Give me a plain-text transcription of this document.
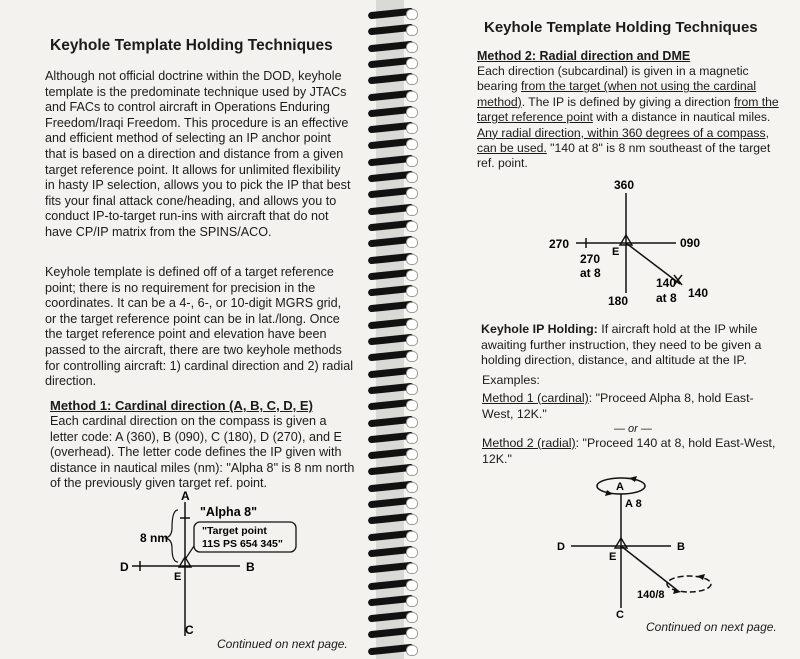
Keyhole Template Holding Techniques
Although not official doctrine within the DOD, keyhole template is the predominate technique used by JTACs and FACs to control aircraft in Operations Enduring Freedom/Iraqi Freedom. This procedure is an effective and efficient method of selecting an IP anchor point that is based on a direction and distance from a given target reference point. It allows for unlimited flexibility in hasty IP selection, allows you to pick the IP that best fits your final attack cone/heading, and allows you to conduct IP-to-target run-ins with aircraft that do not have CP/IP matrix from the SPINS/ACO.
Keyhole template is defined off of a target reference point; there is no requirement for precision in the coordinates. It can be a 4-, 6-, or 10-digit MGRS grid, or the target reference point can be in lat./long. Once the target reference point and elevation have been passed to the aircraft, there are two keyhole methods for controlling aircraft: 1) cardinal direction and 2) radial direction.
Method 1: Cardinal direction (A, B, C, D, E)
Each cardinal direction on the compass is given a letter code: A (360), B (090), C (180), D (270), and E (overhead). The letter code defines the IP given with distance in nautical miles (nm): "Alpha 8" is 8 nm north of the previously given target ref. point.
A
B
C
D
E
"Alpha 8"
8 nm	"Target point
11S PS 654 345"
Continued on next page.
Keyhole Template Holding Techniques
Method 2: Radial direction and DME
Each direction (subcardinal) is given in a magnetic bearing from the target (when not using the cardinal method). The IP is defined by giving a direction from the target reference point with a distance in nautical miles. Any radial direction, within 360 degrees of a compass, can be used. "140 at 8" is 8 nm southeast of the target ref. point.
360
270	090
180
E
270
at 8
140
at 8 140
Keyhole IP Holding: If aircraft hold at the IP while awaiting further instruction, they need to be given a holding direction, distance, and altitude at the IP.
Examples:
Method 1 (cardinal): "Proceed Alpha 8, hold East-West, 12K."
— or —
Method 2 (radial): "Proceed 140 at 8, hold East-West, 12K."
A
A 8
B
C
D
E
140/8
Continued on next page.
